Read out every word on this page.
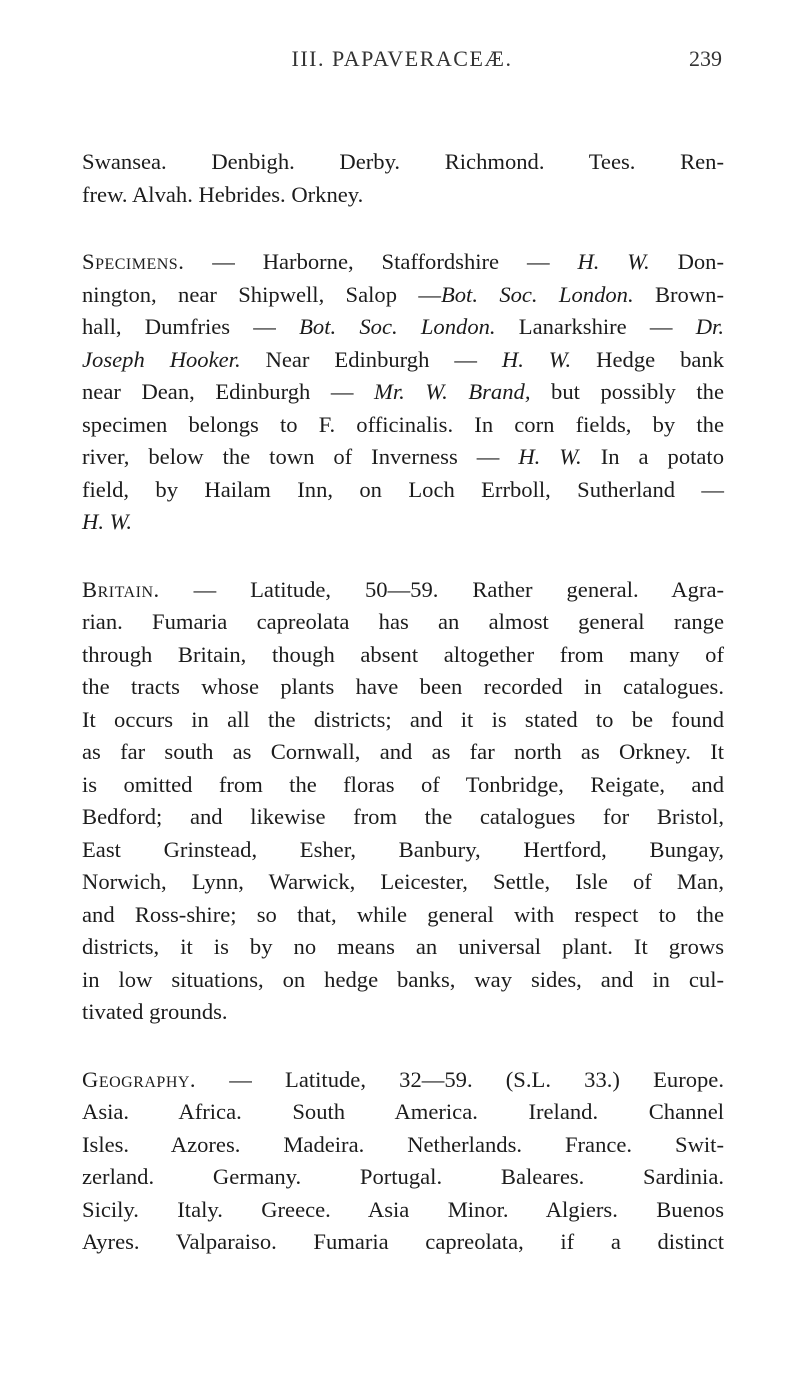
III. PAPAVERACEÆ.	239
Swansea. Denbigh. Derby. Richmond. Tees. Ren-
frew. Alvah. Hebrides. Orkney.
Specimens. — Harborne, Staffordshire — H. W. Don-
nington, near Shipwell, Salop —Bot. Soc. London. Brown-
hall, Dumfries — Bot. Soc. London. Lanarkshire — Dr.
Joseph Hooker. Near Edinburgh — H. W. Hedge bank
near Dean, Edinburgh — Mr. W. Brand, but possibly the
specimen belongs to F. officinalis. In corn fields, by the
river, below the town of Inverness — H. W. In a potato
field, by Hailam Inn, on Loch Errboll, Sutherland —
H. W.
Britain. — Latitude, 50—59. Rather general. Agra-
rian. Fumaria capreolata has an almost general range
through Britain, though absent altogether from many of
the tracts whose plants have been recorded in catalogues.
It occurs in all the districts; and it is stated to be found
as far south as Cornwall, and as far north as Orkney. It
is omitted from the floras of Tonbridge, Reigate, and
Bedford; and likewise from the catalogues for Bristol,
East Grinstead, Esher, Banbury, Hertford, Bungay,
Norwich, Lynn, Warwick, Leicester, Settle, Isle of Man,
and Ross-shire; so that, while general with respect to the
districts, it is by no means an universal plant. It grows
in low situations, on hedge banks, way sides, and in cul-
tivated grounds.
Geography. — Latitude, 32—59. (S.L. 33.) Europe.
Asia. Africa. South America. Ireland. Channel
Isles. Azores. Madeira. Netherlands. France. Swit-
zerland. Germany. Portugal. Baleares. Sardinia.
Sicily. Italy. Greece. Asia Minor. Algiers. Buenos
Ayres. Valparaiso. Fumaria capreolata, if a distinct
